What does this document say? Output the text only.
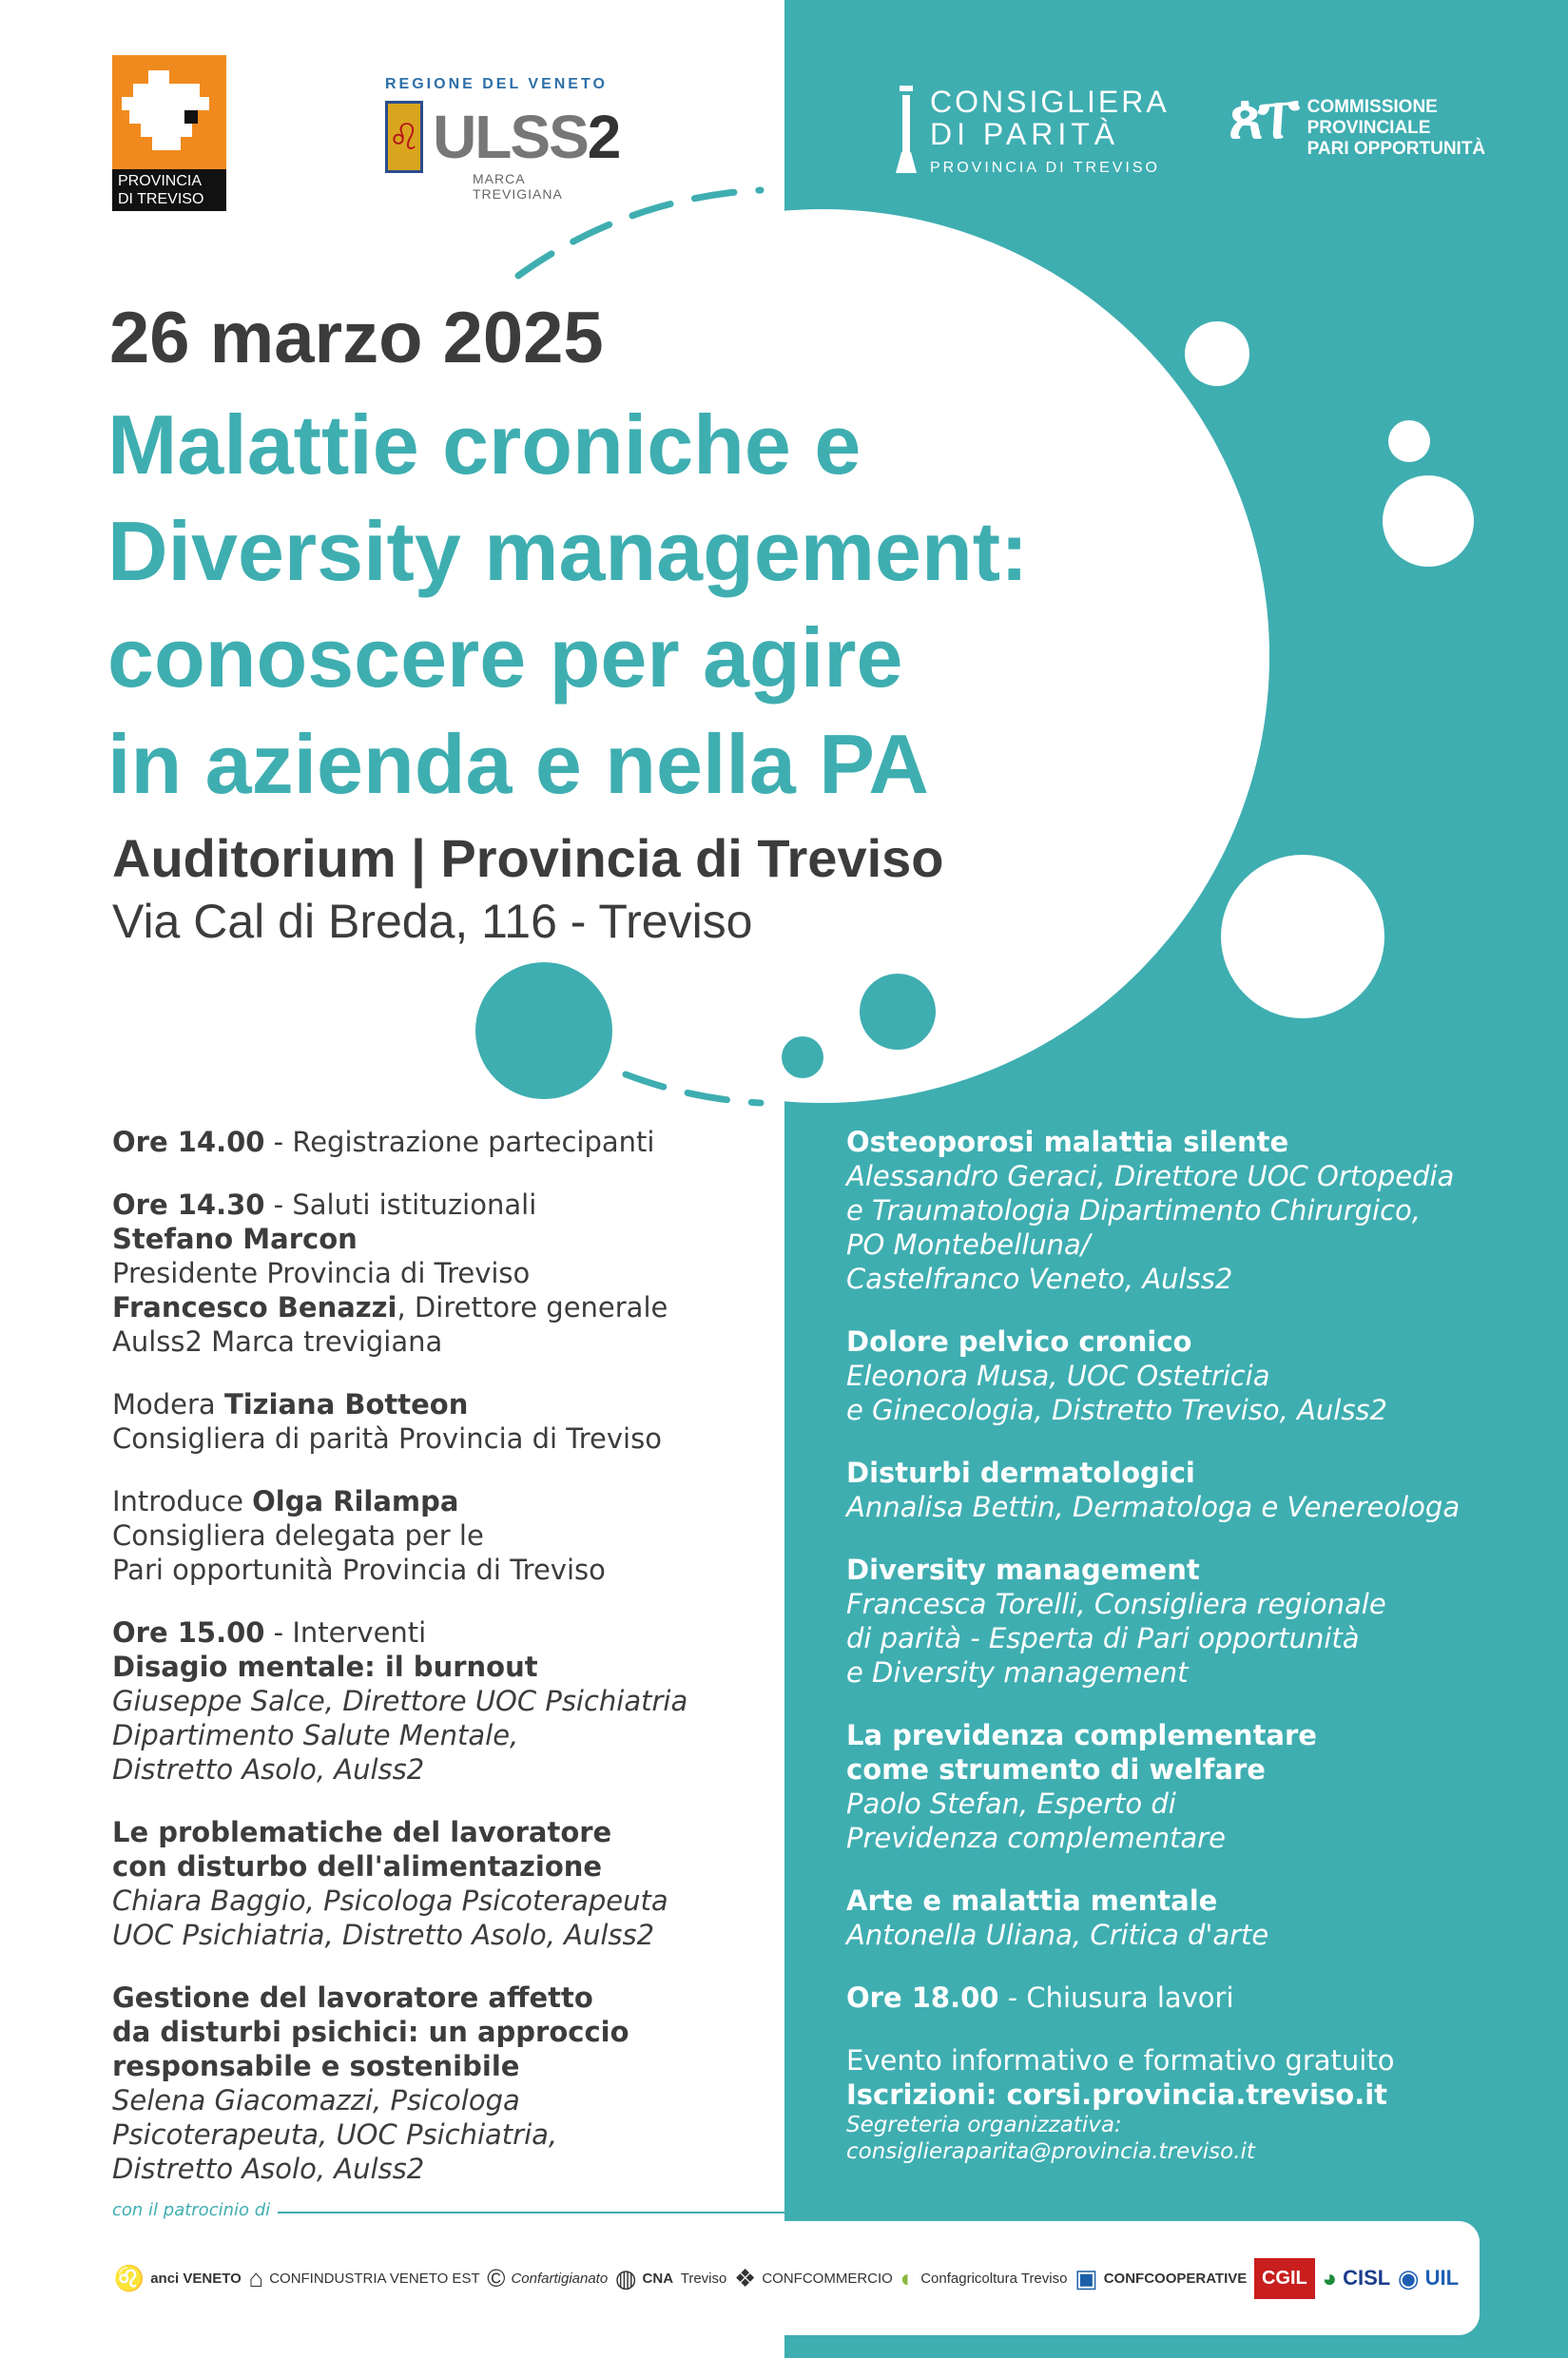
PROVINCIA
DI TREVISO
REGIONE DEL VENETO
♌ ULSS2
MARCA TREVIGIANA
CONSIGLIERA
DI PARITÀ
PROVINCIA DI TREVISO
ጰፐ COMMISSIONE
PROVINCIALE
PARI OPPORTUNITÀ
26 marzo 2025
Malattie croniche e
Diversity management:
conoscere per agire
in azienda e nella PA
Auditorium | Provincia di Treviso
Via Cal di Breda, 116 - Treviso
Ore 14.00 - Registrazione partecipanti
Ore 14.30 - Saluti istituzionali
Stefano Marcon
Presidente Provincia di Treviso
Francesco Benazzi, Direttore generale
Aulss2 Marca trevigiana
Modera Tiziana Botteon
Consigliera di parità Provincia di Treviso
Introduce Olga Rilampa
Consigliera delegata per le
Pari opportunità Provincia di Treviso
Ore 15.00 - Interventi
Disagio mentale: il burnout
Giuseppe Salce, Direttore UOC Psichiatria
Dipartimento Salute Mentale,
Distretto Asolo, Aulss2
Le problematiche del lavoratore
con disturbo dell'alimentazione
Chiara Baggio, Psicologa Psicoterapeuta
UOC Psichiatria, Distretto Asolo, Aulss2
Gestione del lavoratore affetto
da disturbi psichici: un approccio
responsabile e sostenibile
Selena Giacomazzi, Psicologa
Psicoterapeuta, UOC Psichiatria,
Distretto Asolo, Aulss2
Osteoporosi malattia silente
Alessandro Geraci, Direttore UOC Ortopedia
e Traumatologia Dipartimento Chirurgico,
PO Montebelluna/
Castelfranco Veneto, Aulss2
Dolore pelvico cronico
Eleonora Musa, UOC Ostetricia
e Ginecologia, Distretto Treviso, Aulss2
Disturbi dermatologici
Annalisa Bettin, Dermatologa e Venereologa
Diversity management
Francesca Torelli, Consigliera regionale
di parità - Esperta di Pari opportunità
e Diversity management
La previdenza complementare
come strumento di welfare
Paolo Stefan, Esperto di
Previdenza complementare
Arte e malattia mentale
Antonella Uliana, Critica d'arte
Ore 18.00 - Chiusura lavori
Evento informativo e formativo gratuito
Iscrizioni: corsi.provincia.treviso.it
Segreteria organizzativa:
consiglieraparita@provincia.treviso.it
con il patrocinio di
♌ anci VENETO ⌂ CONFINDUSTRIA VENETO EST © Confartigianato ◍ CNA Treviso ❖ CONFCOMMERCIO ◐ Confagricoltura Treviso ▣ CONFCOOPERATIVE CGIL ◕ CISL ◉ UIL
